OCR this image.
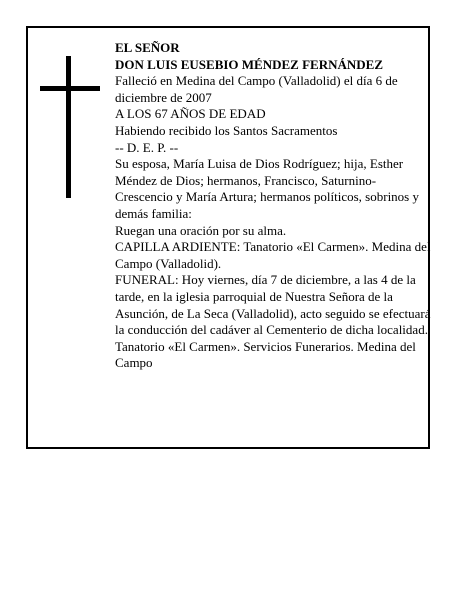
EL SEÑOR

DON LUIS EUSEBIO MÉNDEZ FERNÁNDEZ

Falleció en Medina del Campo (Valladolid) el día 6 de diciembre de 2007

A LOS 67 AÑOS DE EDAD

Habiendo recibido los Santos Sacramentos

-- D. E. P. --

Su esposa, María Luisa de Dios Rodríguez; hija, Esther Méndez de Dios; hermanos, Francisco, Saturnino-Crescencio y María Artura; hermanos políticos, sobrinos y demás familia:

Ruegan una oración por su alma.

CAPILLA ARDIENTE: Tanatorio «El Carmen». Medina del Campo (Valladolid).

FUNERAL: Hoy viernes, día 7 de diciembre, a las 4 de la tarde, en la iglesia parroquial de Nuestra Señora de la Asunción, de La Seca (Valladolid), acto seguido se efectuará la conducción del cadáver al Cementerio de dicha localidad.

Tanatorio «El Carmen». Servicios Funerarios. Medina del Campo
